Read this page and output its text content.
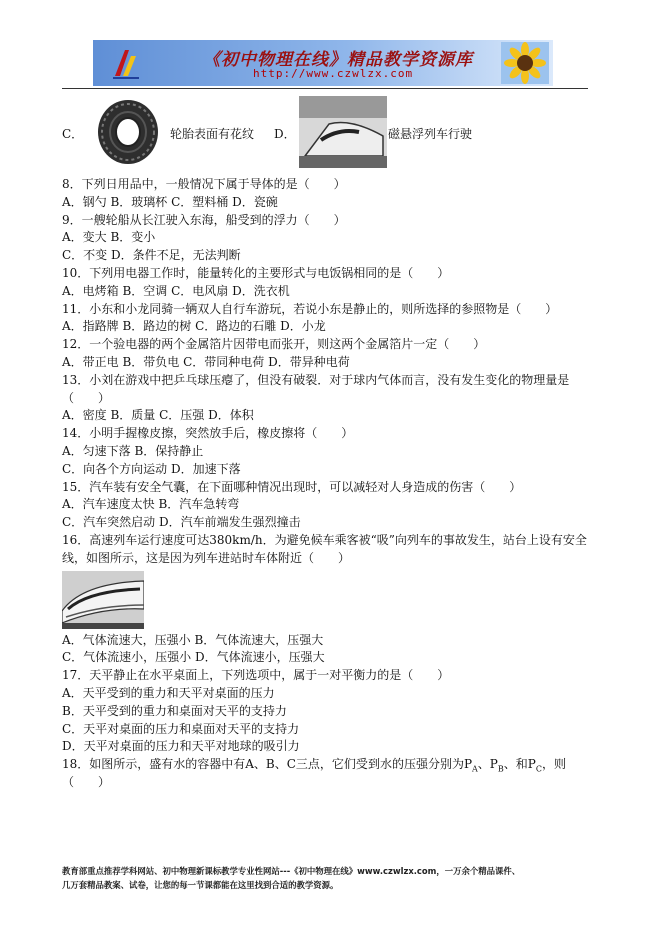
《初中物理在线》精品教学资源库
http://www.czwlzx.com
C．	轮胎表面有花纹 D．	磁悬浮列车行驶
8．下列日用品中，一般情况下属于导体的是（　　）
A．钢勺 B．玻璃杯 C．塑料桶 D．瓷碗
9．一艘轮船从长江驶入东海，船受到的浮力（　　）
A．变大 B．变小
C．不变 D．条件不足，无法判断
10．下列用电器工作时，能量转化的主要形式与电饭锅相同的是（　　）
A．电烤箱 B．空调 C．电风扇 D．洗衣机
11．小东和小龙同骑一辆双人自行车游玩，若说小东是静止的，则所选择的参照物是（　　）
A．指路牌 B．路边的树 C．路边的石雕 D．小龙
12．一个验电器的两个金属箔片因带电而张开，则这两个金属箔片一定（　　）
A．带正电 B．带负电 C．带同种电荷 D．带异种电荷
13．小刘在游戏中把乒乓球压瘪了，但没有破裂．对于球内气体而言，没有发生变化的物理量是（　　）
A．密度 B．质量 C．压强 D．体积
14．小明手握橡皮擦，突然放手后，橡皮擦将（　　）
A．匀速下落 B．保持静止
C．向各个方向运动 D．加速下落
15．汽车装有安全气囊，在下面哪种情况出现时，可以减轻对人身造成的伤害（　　）
A．汽车速度太快 B．汽车急转弯
C．汽车突然启动 D．汽车前端发生强烈撞击
16．高速列车运行速度可达380km/h．为避免候车乘客被“吸”向列车的事故发生，站台上设有安全线，如图所示，这是因为列车进站时车体附近（　　）
A．气体流速大，压强小 B．气体流速大，压强大
C．气体流速小，压强小 D．气体流速小，压强大
17．天平静止在水平桌面上，下列选项中，属于一对平衡力的是（　　）
A．天平受到的重力和天平对桌面的压力
B．天平受到的重力和桌面对天平的支持力
C．天平对桌面的压力和桌面对天平的支持力
D．天平对桌面的压力和天平对地球的吸引力
18．如图所示，盛有水的容器中有A、B、C三点，它们受到水的压强分别为$P_A$、$P_B$、和$P_C$，则（　　）
教育部重点推荐学科网站、初中物理新课标教学专业性网站---《初中物理在线》www.czwlzx.com，一万余个精品课件、
几万套精品教案、试卷，让您的每一节课都能在这里找到合适的教学资源。
